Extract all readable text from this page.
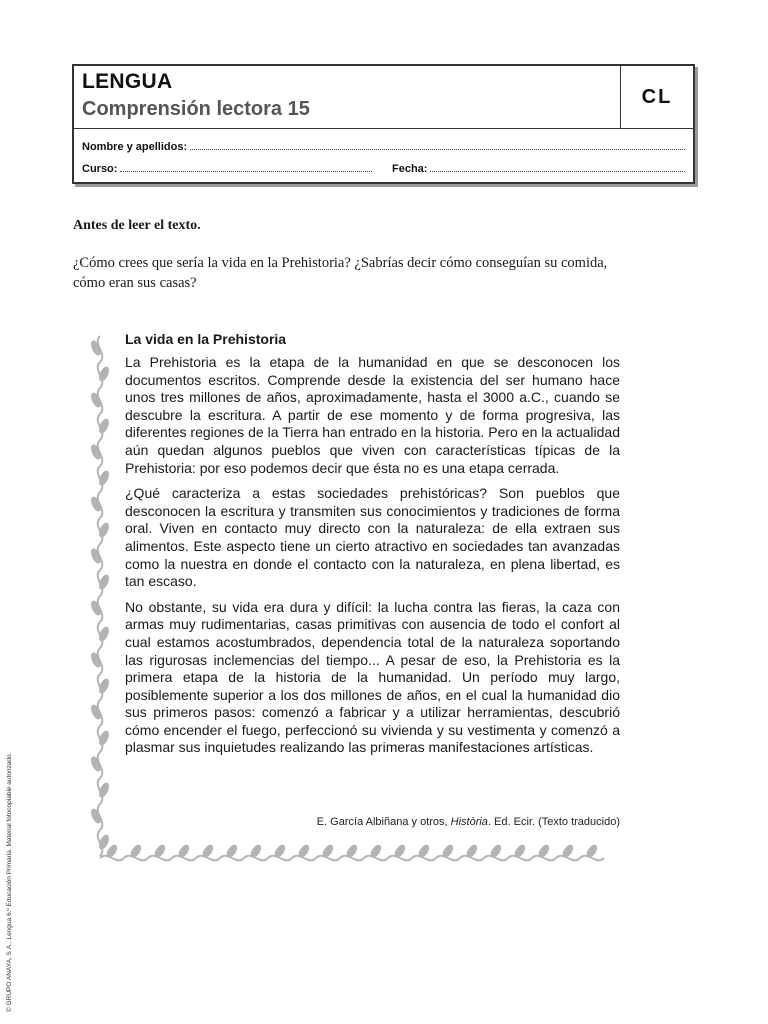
LENGUA
Comprensión lectora 15
CL
Nombre y apellidos:
Curso:	Fecha:
Antes de leer el texto.
¿Cómo crees que sería la vida en la Prehistoria? ¿Sabrías decir cómo conseguían su comida, cómo eran sus casas?
La vida en la Prehistoria

La Prehistoria es la etapa de la humanidad en que se desconocen los documentos escritos. Comprende desde la existencia del ser humano hace unos tres millones de años, aproximadamente, hasta el 3000 a.C., cuando se descubre la escritura. A partir de ese momento y de forma progresiva, las diferentes regiones de la Tierra han entrado en la historia. Pero en la actualidad aún quedan algunos pueblos que viven con características típicas de la Prehistoria: por eso podemos decir que ésta no es una etapa cerrada.

¿Qué caracteriza a estas sociedades prehistóricas? Son pueblos que desconocen la escritura y transmiten sus conocimientos y tradiciones de forma oral. Viven en contacto muy directo con la naturaleza: de ella extraen sus alimentos. Este aspecto tiene un cierto atractivo en sociedades tan avanzadas como la nuestra en donde el contacto con la naturaleza, en plena libertad, es tan escaso.

No obstante, su vida era dura y difícil: la lucha contra las fieras, la caza con armas muy rudimentarias, casas primitivas con ausencia de todo el confort al cual estamos acostumbrados, dependencia total de la naturaleza soportando las rigurosas inclemencias del tiempo... A pesar de eso, la Prehistoria es la primera etapa de la historia de la humanidad. Un período muy largo, posiblemente superior a los dos millones de años, en el cual la humanidad dio sus primeros pasos: comenzó a fabricar y a utilizar herramientas, descubrió cómo encender el fuego, perfeccionó su vivienda y su vestimenta y comenzó a plasmar sus inquietudes realizando las primeras manifestaciones artísticas.

E. García Albiñana y otros, Història. Ed. Ecir. (Texto traducido)
© GRUPO ANAYA, S.A., Lengua 6.º Educación Primaria. Material fotocopiable autorizado.
